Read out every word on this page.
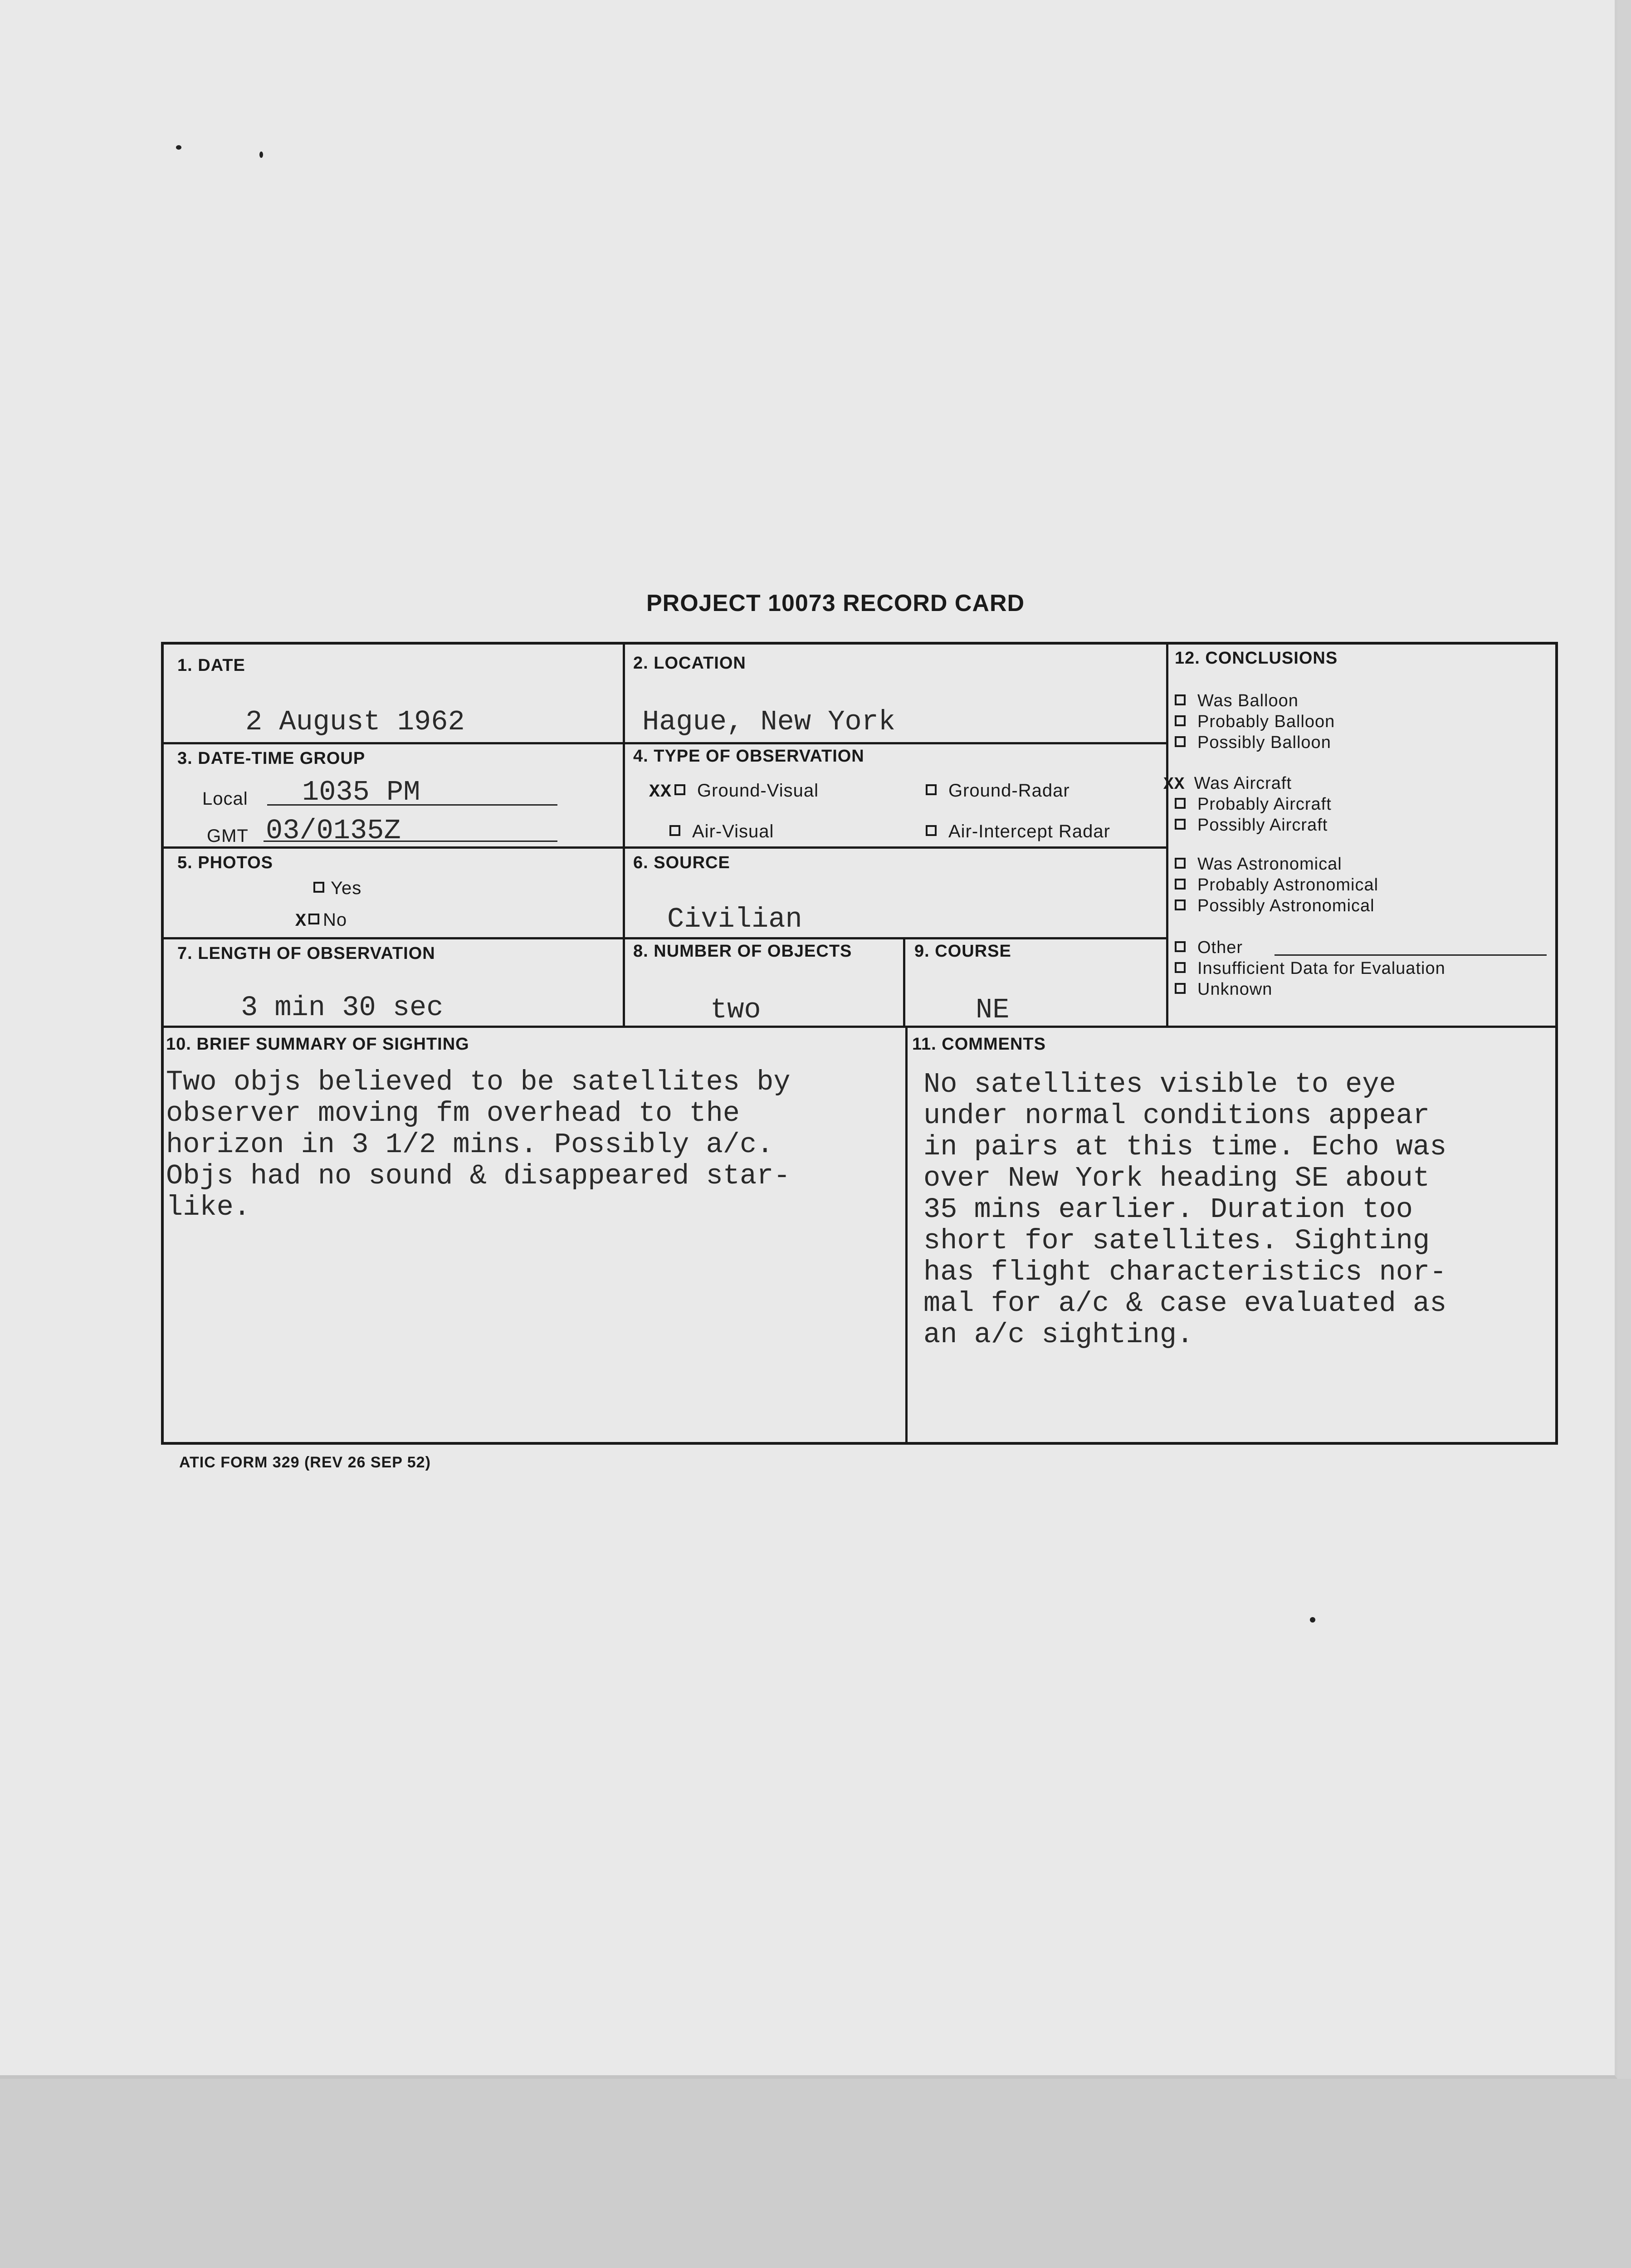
PROJECT 10073 RECORD CARD
1. DATE
2 August 1962
2. LOCATION
Hague, New York
3. DATE-TIME GROUP
Local 1035 PM
GMT 03/0135Z
4. TYPE OF OBSERVATION
XX Ground-Visual	Ground-Radar
Air-Visual	Air-Intercept Radar
5. PHOTOS
Yes
X No
6. SOURCE
Civilian
7. LENGTH OF OBSERVATION
3 min 30 sec
8. NUMBER OF OBJECTS
two
9. COURSE
NE
10. BRIEF SUMMARY OF SIGHTING
Two objs believed to be satellites by
observer moving fm overhead to the
horizon in 3 1/2 mins. Possibly a/c.
Objs had no sound & disappeared star-
like.
11. COMMENTS
No satellites visible to eye
under normal conditions appear
in pairs at this time. Echo was
over New York heading SE about
35 mins earlier. Duration too
short for satellites. Sighting
has flight characteristics nor-
mal for a/c & case evaluated as
an a/c sighting.
12. CONCLUSIONS
Was Balloon
Probably Balloon
Possibly Balloon
XX Was Aircraft
Probably Aircraft
Possibly Aircraft
Was Astronomical
Probably Astronomical
Possibly Astronomical
Other
Insufficient Data for Evaluation
Unknown
ATIC FORM 329 (REV 26 SEP 52)
